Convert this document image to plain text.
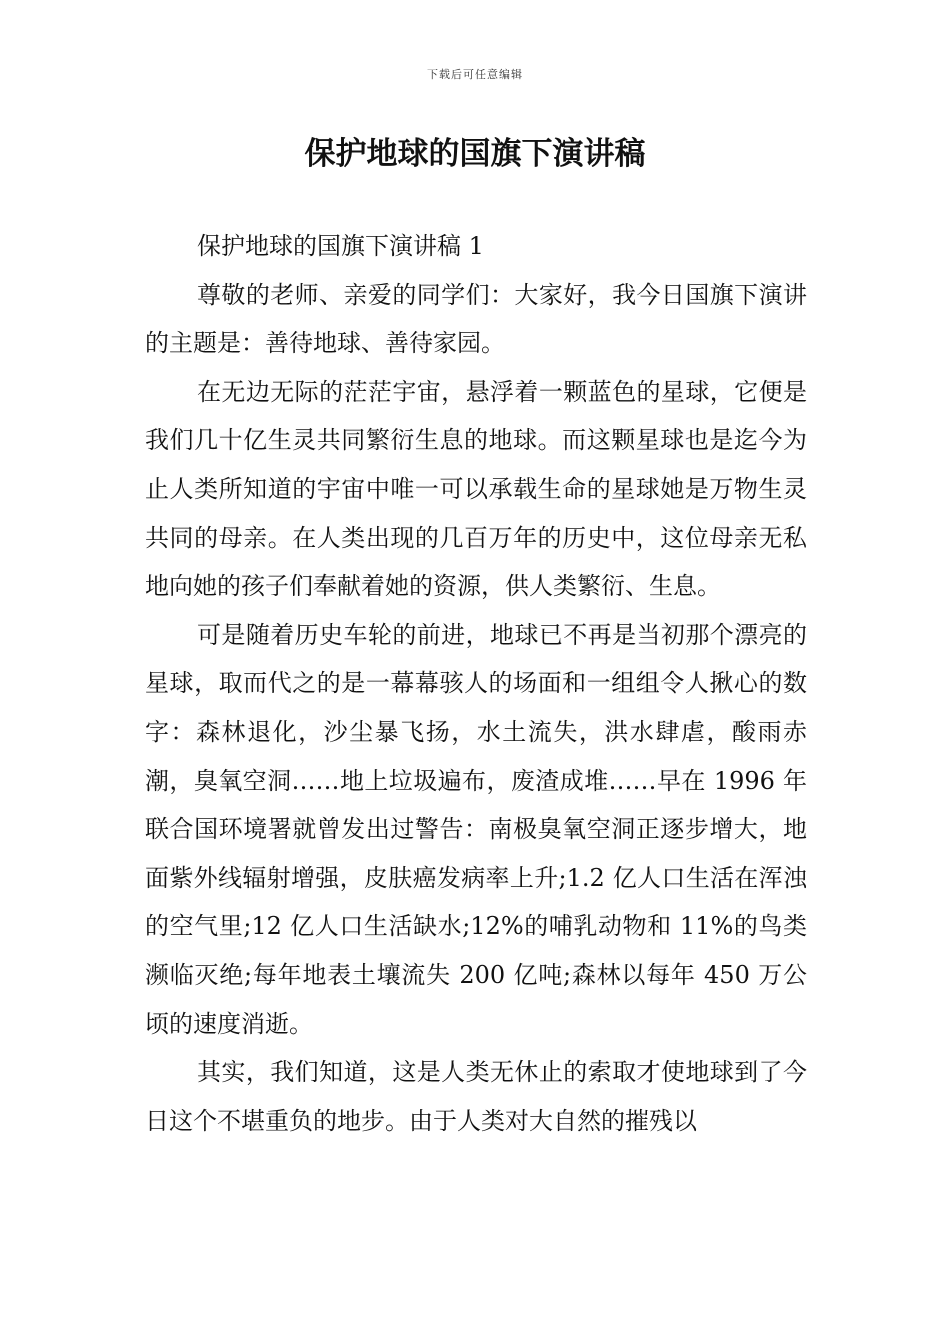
下载后可任意编辑
保护地球的国旗下演讲稿

保护地球的国旗下演讲稿 1

尊敬的老师、亲爱的同学们：大家好，我今日国旗下演讲的主题是：善待地球、善待家园。

在无边无际的茫茫宇宙，悬浮着一颗蓝色的星球，它便是我们几十亿生灵共同繁衍生息的地球。而这颗星球也是迄今为止人类所知道的宇宙中唯一可以承载生命的星球她是万物生灵共同的母亲。在人类出现的几百万年的历史中，这位母亲无私地向她的孩子们奉献着她的资源，供人类繁衍、生息。

可是随着历史车轮的前进，地球已不再是当初那个漂亮的星球，取而代之的是一幕幕骇人的场面和一组组令人揪心的数字：森林退化，沙尘暴飞扬，水土流失，洪水肆虐，酸雨赤潮，臭氧空洞……地上垃圾遍布，废渣成堆……早在 1996 年联合国环境署就曾发出过警告：南极臭氧空洞正逐步增大，地面紫外线辐射增强，皮肤癌发病率上升;1.2 亿人口生活在浑浊的空气里;12 亿人口生活缺水;12%的哺乳动物和 11%的鸟类濒临灭绝;每年地表土壤流失 200 亿吨;森林以每年 450 万公顷的速度消逝。

其实，我们知道，这是人类无休止的索取才使地球到了今日这个不堪重负的地步。由于人类对大自然的摧残以
